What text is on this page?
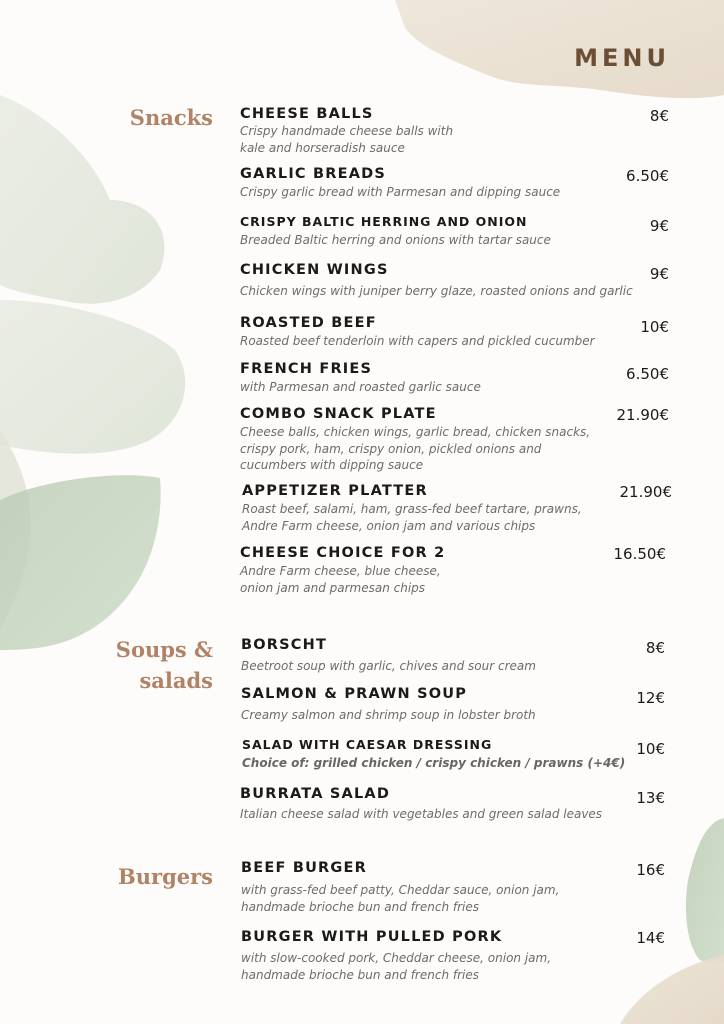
MENU
Snacks
Soups &
salads
Burgers
CHEESE BALLS
Crispy handmade cheese balls with
kale and horseradish sauce
8€
GARLIC BREADS
Crispy garlic bread with Parmesan and dipping sauce
6.50€
CRISPY BALTIC HERRING AND ONION
Breaded Baltic herring and onions with tartar sauce
9€
CHICKEN WINGS
Chicken wings with juniper berry glaze, roasted onions and garlic
9€
ROASTED BEEF
Roasted beef tenderloin with capers and pickled cucumber
10€
FRENCH FRIES
with Parmesan and roasted garlic sauce
6.50€
COMBO SNACK PLATE
Cheese balls, chicken wings, garlic bread, chicken snacks,
crispy pork, ham, crispy onion, pickled onions and
cucumbers with dipping sauce
21.90€
APPETIZER PLATTER
Roast beef, salami, ham, grass-fed beef tartare, prawns,
Andre Farm cheese, onion jam and various chips
21.90€
CHEESE CHOICE FOR 2
Andre Farm cheese, blue cheese,
onion jam and parmesan chips
16.50€
BORSCHT
Beetroot soup with garlic, chives and sour cream
8€
SALMON & PRAWN SOUP
Creamy salmon and shrimp soup in lobster broth
12€
SALAD WITH CAESAR DRESSING
Choice of: grilled chicken / crispy chicken / prawns (+4€)
10€
BURRATA SALAD
Italian cheese salad with vegetables and green salad leaves
13€
BEEF BURGER
with grass-fed beef patty, Cheddar sauce, onion jam,
handmade brioche bun and french fries
16€
BURGER WITH PULLED PORK
with slow-cooked pork, Cheddar cheese, onion jam,
handmade brioche bun and french fries
14€
